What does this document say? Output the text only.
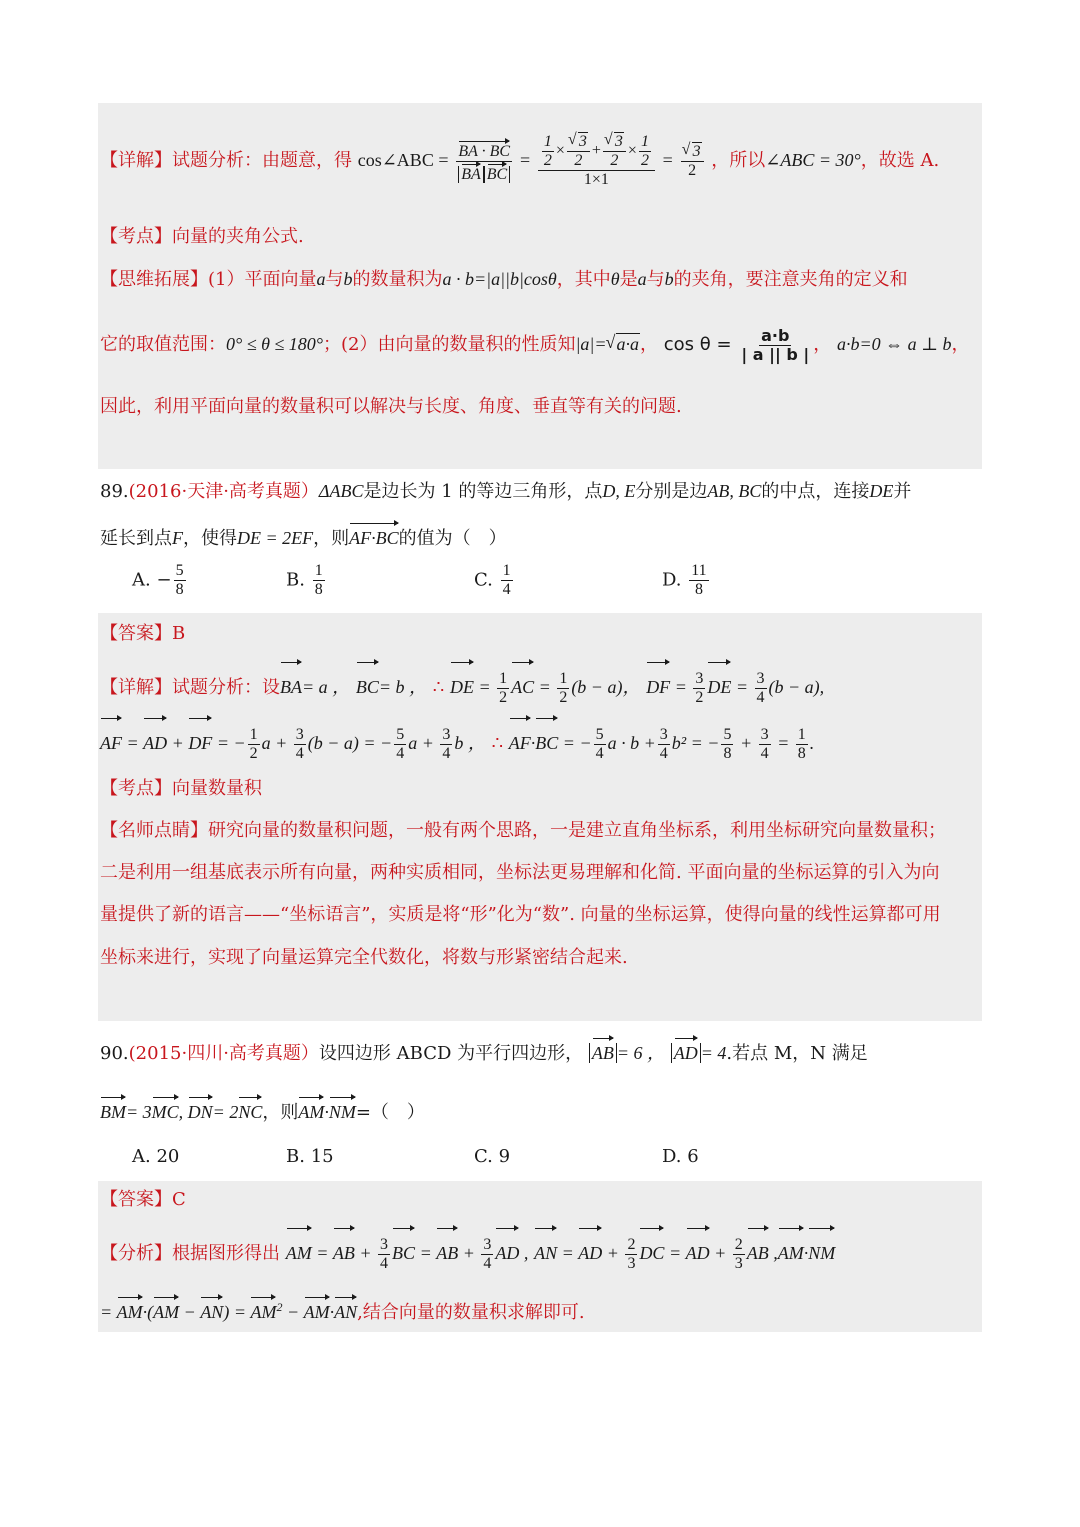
【详解】试题分析：由题意，得 cos∠ABC = $\frac{BA \cdot BC}{\text{BA BC}} = \frac{1}{2}$ ×
√ $\frac{3}{2}$ +
√ $\frac{3}{2} \times \frac{1}{2}$
1×1 =
√ $\frac{3}{2}$ ，所以∠ABC = 30°，故选 A.
【考点】向量的夹角公式.
【思维拓展】(1）平面向量a与b的数量积为a · b=|a||b|cosθ，其中θ是a与b的夹角，要注意夹角的定义和
它的取值范围：0° ≤ θ ≤ 180°；(2）由向量的数量积的性质知|a|=√ a·a， $\cos \theta = \frac{a\cdot b}{| a || b |}$ ， a·b=0 ⇔ a ⊥ b，
因此，利用平面向量的数量积可以解决与长度、角度、垂直等有关的问题.
89.(2016·天津·高考真题）ΔABC是边长为 1 的等边三角形，点D, E分别是边AB, BC的中点，连接DE并
延长到点F，使得DE = 2EF，则AF·BC的值为（　）
A. − $\frac{5}{8}$	B. $\frac{1}{8}$	C. $\frac{1}{4}$	D. $\frac{11}{8}$
【答案】B
【详解】试题分析：设BA= a ， BC= b ， ∴ DE = $\frac{1}{2}$ AC = $\frac{1}{2} (b - a)$， DF = $\frac{3}{2}$ DE = $\frac{3}{4} (b - a)$,
AF = AD + DF = − $\frac{1}{2}$ $a + \frac{3}{4} (b - a)$ = − $\frac{5}{4}$ $a + \frac{3}{4}$ b ， ∴ AF·BC = − $\frac{5}{4}$ $a \cdot b + \frac{3}{4} b^2$ = − $\frac{5}{8} + \frac{3}{4} = \frac{1}{8}$ .
【考点】向量数量积
【名师点睛】研究向量的数量积问题，一般有两个思路，一是建立直角坐标系，利用坐标研究向量数量积；
二是利用一组基底表示所有向量，两种实质相同，坐标法更易理解和化简. 平面向量的坐标运算的引入为向
量提供了新的语言——“坐标语言”，实质是将“形”化为“数”. 向量的坐标运算，使得向量的线性运算都可用
坐标来进行，实现了向量运算完全代数化，将数与形紧密结合起来.
90.(2015·四川·高考真题）设四边形 ABCD 为平行四边形， AB = 6 ， AD = 4.若点 M，N 满足
BM= 3MC, DN= 2NC，则AM·NM=（　）
A. 20	B. 15	C. 9	D. 6
【答案】C
【分析】根据图形得出 AM = AB + $\frac{3}{4}$ BC = AB + $\frac{3}{4}$ AD , AN = AD + $\frac{2}{3}$ DC = AD + $\frac{2}{3}$ AB ,AM·NM
= $AM\cdot(AM - AN) = AM^2 - AM\cdot AN$,结合向量的数量积求解即可.
